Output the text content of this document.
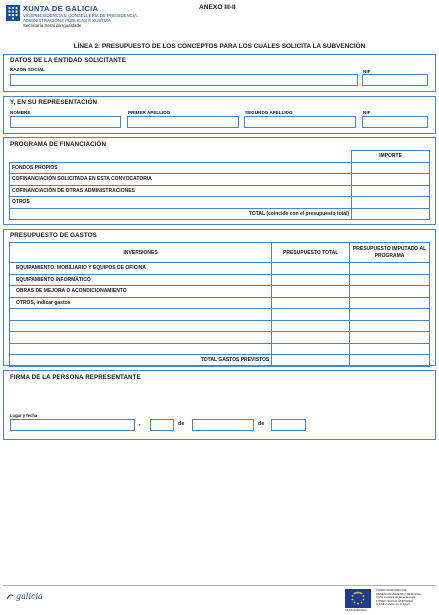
XUNTA DE GALICIA
VICEPRESIDENCIA E CONSELLERÍA DE PRESIDENCIA,
ADMINISTRACIÓNS PÚBLICAS E XUSTIZA
Secretaría Xeral da Igualdade
ANEXO III-II
LÍNEA 2: PRESUPUESTO DE LOS CONCEPTOS PARA LOS CUALES SOLICITA LA SUBVENCIÓN
DATOS DE LA ENTIDAD SOLICITANTE
RAZÓN SOCIAL	NIF
Y, EN SU REPRESENTACIÓN
NOMBRE	PRIMER APELLIDO	SEGUNDO APELLIDO	NIF
PROGRAMA DE FINANCIACIÓN
	IMPORTE
FONDOS PROPIOS	
COFINANCIACIÓN SOLICITADA EN ESTA CONVOCATORIA	
COFINANCIACIÓN DE OTRAS ADMINISTRACIONES	
OTROS	
TOTAL (coincide con el presupuesto total)	
PRESUPUESTO DE GASTOS
INVERSIONES	PRESUPUESTO TOTAL	PRESUPUESTO IMPUTADO AL PROGRAMA
EQUIPAMIENTO, MOBILIARIO Y EQUIPOS DE OFICINA		
EQUIPAMIENTO INFORMÁTICO		
OBRAS DE MEJORA O ACONDICIONAMIENTO		
OTROS, indicar gastos		

TOTAL GASTOS PREVISTOS		
FIRMA DE LA PERSONA REPRESENTANTE
Lugar y fecha
,	de	de
galicia
UNIÓN EUROPEA
FONDO EUROPEO DE
DESENVOLVEMENTO REXIONAL
Unha maneira de facer Europa
FONDO SOCIAL EUROPEO
O FSE invierte en tu futuro
